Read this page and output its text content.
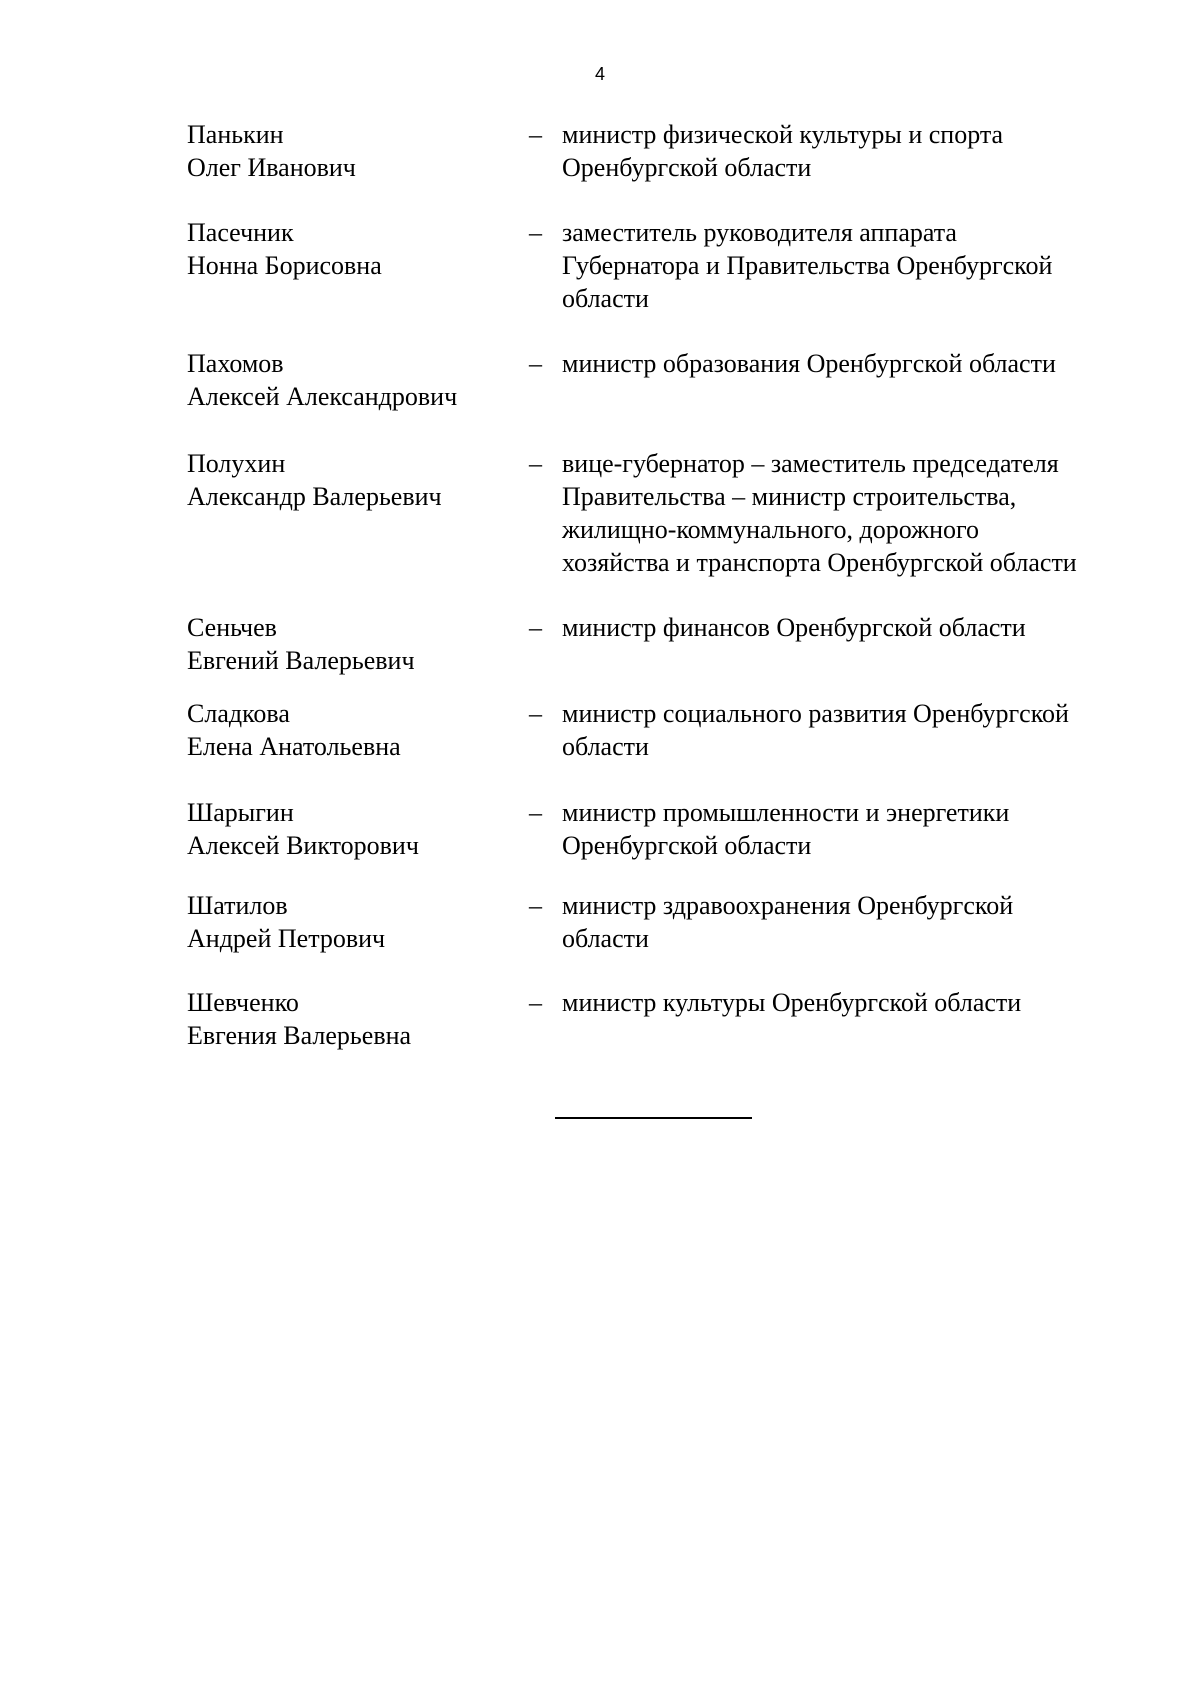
4
Панькин
Олег Иванович
– министр физической культуры и спорта
Оренбургской области
Пасечник
Нонна Борисовна
– заместитель руководителя аппарата
Губернатора и Правительства Оренбургской
области
Пахомов
Алексей Александрович
– министр образования Оренбургской области
Полухин
Александр Валерьевич
– вице-губернатор – заместитель председателя
Правительства – министр строительства,
жилищно-коммунального, дорожного
хозяйства и транспорта Оренбургской области
Сеньчев
Евгений Валерьевич
– министр финансов Оренбургской области
Сладкова
Елена Анатольевна
– министр социального развития Оренбургской
области
Шарыгин
Алексей Викторович
– министр промышленности и энергетики
Оренбургской области
Шатилов
Андрей Петрович
– министр здравоохранения Оренбургской
области
Шевченко
Евгения Валерьевна
– министр культуры Оренбургской области
